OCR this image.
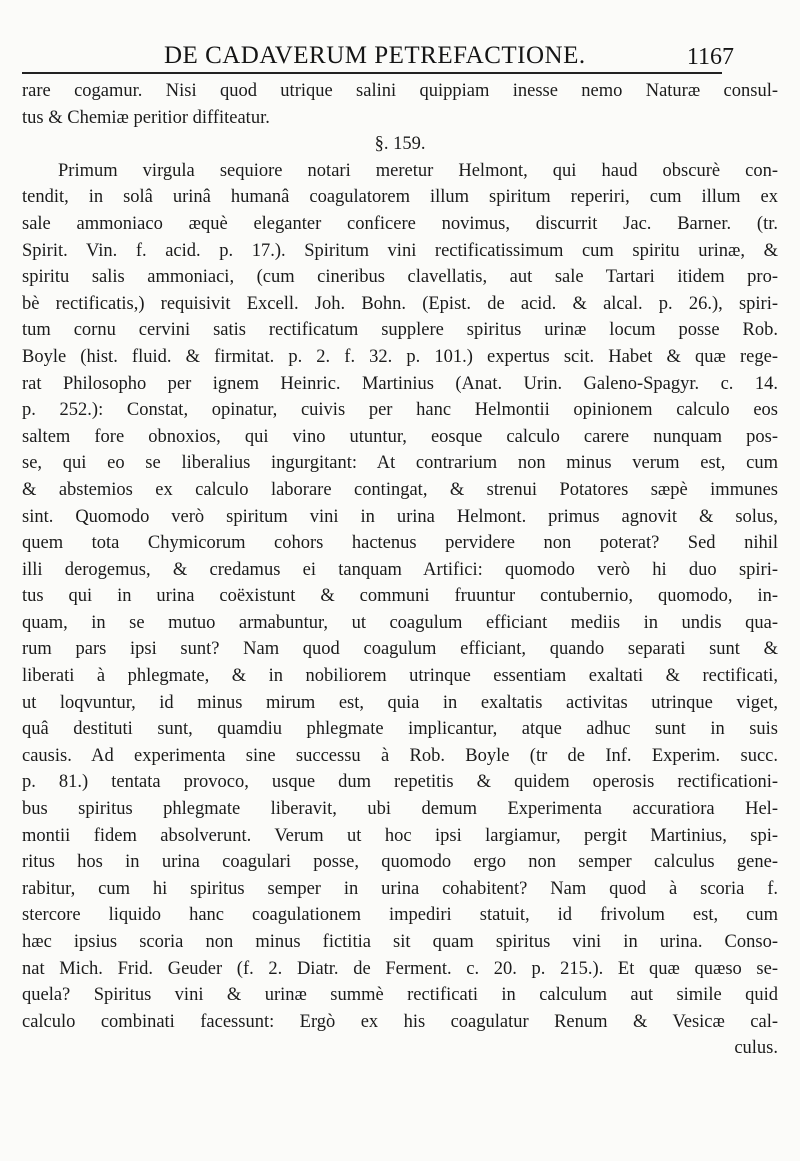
DE CADAVERUM PETREFACTIONE.	1167
rare cogamur. Nisi quod utrique salini quippiam inesse nemo Naturæ consul-
tus & Chemiæ peritior diffiteatur.
§. 159.
Primum virgula sequiore notari meretur Helmont, qui haud obscurè con-
tendit, in solâ urinâ humanâ coagulatorem illum spiritum reperiri, cum illum ex
sale ammoniaco æquè eleganter conficere novimus, discurrit Jac. Barner. (tr.
Spirit. Vin. f. acid. p. 17.). Spiritum vini rectificatissimum cum spiritu urinæ, &
spiritu salis ammoniaci, (cum cineribus clavellatis, aut sale Tartari itidem pro-
bè rectificatis,) requisivit Excell. Joh. Bohn. (Epist. de acid. & alcal. p. 26.), spiri-
tum cornu cervini satis rectificatum supplere spiritus urinæ locum posse Rob.
Boyle (hist. fluid. & firmitat. p. 2. f. 32. p. 101.) expertus scit. Habet & quæ rege-
rat Philosopho per ignem Heinric. Martinius (Anat. Urin. Galeno-Spagyr. c. 14.
p. 252.): Constat, opinatur, cuivis per hanc Helmontii opinionem calculo eos
saltem fore obnoxios, qui vino utuntur, eosque calculo carere nunquam pos-
se, qui eo se liberalius ingurgitant: At contrarium non minus verum est, cum
& abstemios ex calculo laborare contingat, & strenui Potatores sæpè immunes
sint. Quomodo verò spiritum vini in urina Helmont. primus agnovit & solus,
quem tota Chymicorum cohors hactenus pervidere non poterat? Sed nihil
illi derogemus, & credamus ei tanquam Artifici: quomodo verò hi duo spiri-
tus qui in urina coëxistunt & communi fruuntur contubernio, quomodo, in-
quam, in se mutuo armabuntur, ut coagulum efficiant mediis in undis qua-
rum pars ipsi sunt? Nam quod coagulum efficiant, quando separati sunt &
liberati à phlegmate, & in nobiliorem utrinque essentiam exaltati & rectificati,
ut loqvuntur, id minus mirum est, quia in exaltatis activitas utrinque viget,
quâ destituti sunt, quamdiu phlegmate implicantur, atque adhuc sunt in suis
causis. Ad experimenta sine successu à Rob. Boyle (tr de Inf. Experim. succ.
p. 81.) tentata provoco, usque dum repetitis & quidem operosis rectificationi-
bus spiritus phlegmate liberavit, ubi demum Experimenta accuratiora Hel-
montii fidem absolverunt. Verum ut hoc ipsi largiamur, pergit Martinius, spi-
ritus hos in urina coagulari posse, quomodo ergo non semper calculus gene-
rabitur, cum hi spiritus semper in urina cohabitent? Nam quod à scoria f.
stercore liquido hanc coagulationem impediri statuit, id frivolum est, cum
hæc ipsius scoria non minus fictitia sit quam spiritus vini in urina. Conso-
nat Mich. Frid. Geuder (f. 2. Diatr. de Ferment. c. 20. p. 215.). Et quæ quæso se-
quela? Spiritus vini & urinæ summè rectificati in calculum aut simile quid
calculo combinati facessunt: Ergò ex his coagulatur Renum & Vesicæ cal-
culus.
